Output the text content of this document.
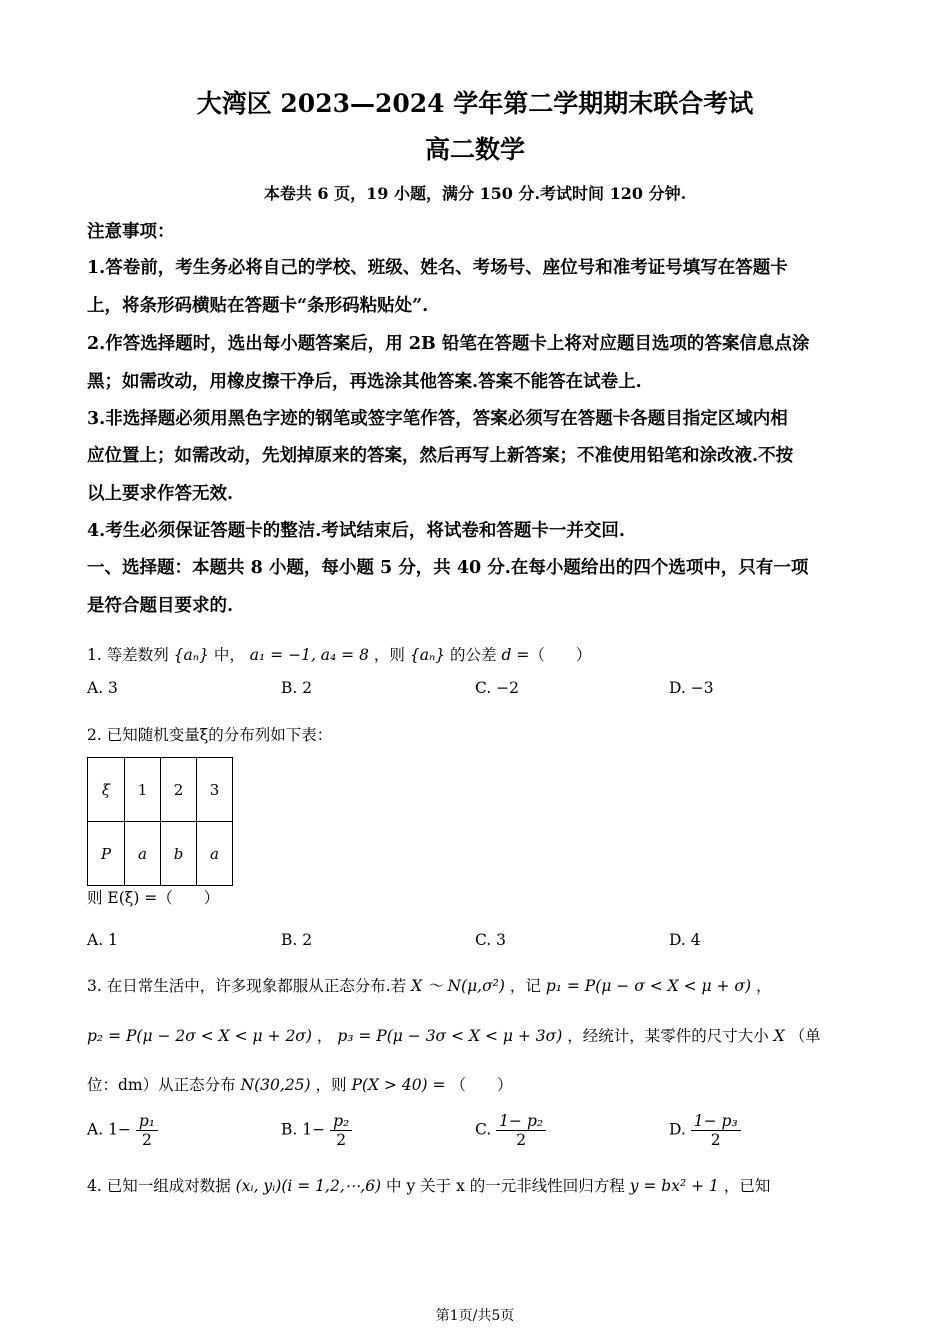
大湾区 2023—2024 学年第二学期期末联合考试
高二数学
本卷共 6 页，19 小题，满分 150 分.考试时间 120 分钟.
注意事项：
1.答卷前，考生务必将自己的学校、班级、姓名、考场号、座位号和准考证号填写在答题卡
上，将条形码横贴在答题卡“条形码粘贴处”.
2.作答选择题时，选出每小题答案后，用 2B 铅笔在答题卡上将对应题目选项的答案信息点涂
黑；如需改动，用橡皮擦干净后，再选涂其他答案.答案不能答在试卷上.
3.非选择题必须用黑色字迹的钢笔或签字笔作答，答案必须写在答题卡各题目指定区域内相
应位置上；如需改动，先划掉原来的答案，然后再写上新答案；不准使用铅笔和涂改液.不按
以上要求作答无效.
4.考生必须保证答题卡的整洁.考试结束后，将试卷和答题卡一并交回.
一、选择题：本题共 8 小题，每小题 5 分，共 40 分.在每小题给出的四个选项中，只有一项
是符合题目要求的.
1. 等差数列 {aₙ} 中， a₁ = −1, a₄ = 8 ，则 {aₙ} 的公差 d =（　　）
A. 3	B. 2	C. −2	D. −3
2. 已知随机变量ξ的分布列如下表：
ξ	1	2	3
P	a	b	a
则 E(ξ) =（　　）
A. 1	B. 2	C. 3	D. 4
3. 在日常生活中，许多现象都服从正态分布.若 X ～ N(μ,σ²) ，记 p₁ = P(μ − σ < X < μ + σ) ，
p₂ = P(μ − 2σ < X < μ + 2σ) ， p₃ = P(μ − 3σ < X < μ + 3σ) ，经统计，某零件的尺寸大小 X （单
位：dm）从正态分布 N(30,25) ，则 P(X > 40) = （　　）
A. $1- \frac{\text{p₁}}{2}$	B. $1- \frac{\text{p₂}}{2}$	C. $\frac{\text{1− p₂}}{2}$	D. $\frac{\text{1− p₃}}{2}$
4. 已知一组成对数据 (xᵢ, yᵢ)(i = 1,2,⋯,6) 中 y 关于 x 的一元非线性回归方程 y = bx² + 1 ，已知
第1页/共5页
